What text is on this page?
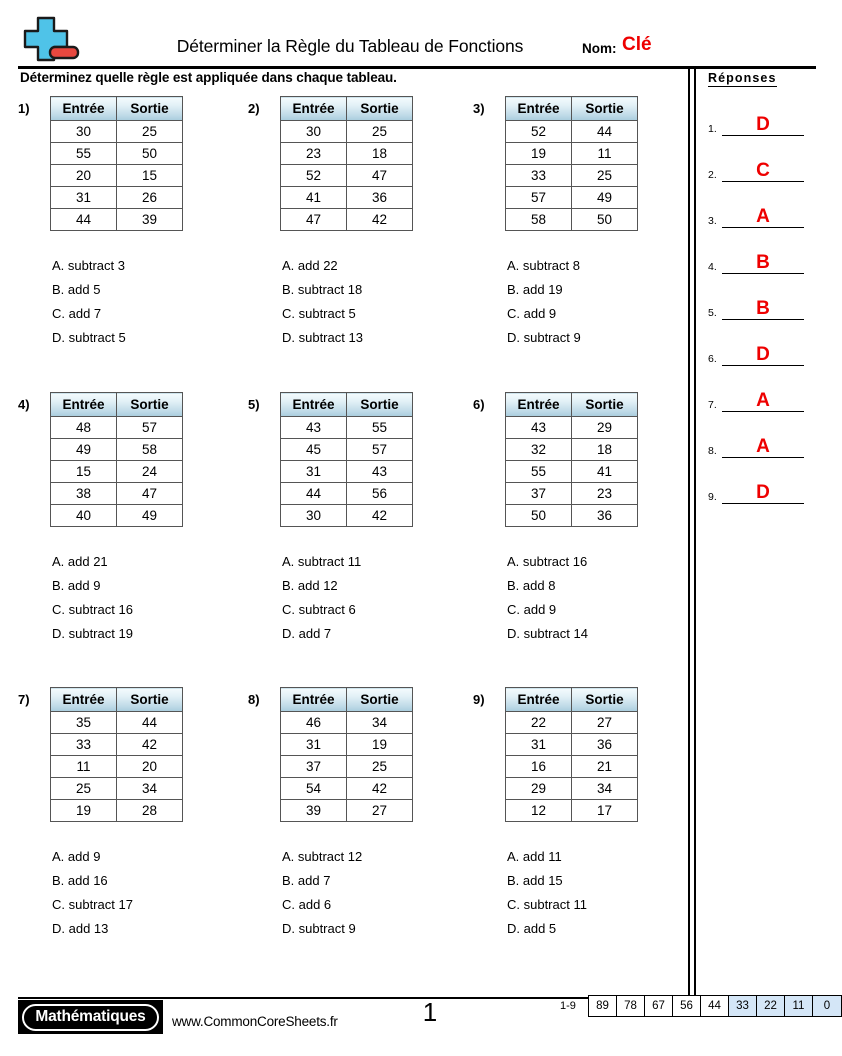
Déterminer la Règle du Tableau de Fonctions	Nom: Clé
Déterminez quelle règle est appliquée dans chaque tableau.	Réponses
1.	D
2.	C
3.	A
4.	B
5.	B
6.	D
7.	A
8.	A
9.	D
1) Entrée	Sortie
30	25
55	50
20	15
31	26
44	39
A. subtract 3
B. add 5
C. add 7
D. subtract 5
2) Entrée	Sortie
30	25
23	18
52	47
41	36
47	42
A. add 22
B. subtract 18
C. subtract 5
D. subtract 13
3) Entrée	Sortie
52	44
19	11
33	25
57	49
58	50
A. subtract 8
B. add 19
C. add 9
D. subtract 9
4) Entrée	Sortie
48	57
49	58
15	24
38	47
40	49
A. add 21
B. add 9
C. subtract 16
D. subtract 19
5) Entrée	Sortie
43	55
45	57
31	43
44	56
30	42
A. subtract 11
B. add 12
C. subtract 6
D. add 7
6) Entrée	Sortie
43	29
32	18
55	41
37	23
50	36
A. subtract 16
B. add 8
C. add 9
D. subtract 14
7) Entrée	Sortie
35	44
33	42
11	20
25	34
19	28
A. add 9
B. add 16
C. subtract 17
D. add 13
8) Entrée	Sortie
46	34
31	19
37	25
54	42
39	27
A. subtract 12
B. add 7
C. add 6
D. subtract 9
9) Entrée	Sortie
22	27
31	36
16	21
29	34
12	17
A. add 11
B. add 15
C. subtract 11
D. add 5
Mathématiques	www.CommonCoreSheets.fr	1	1-9	89	78	67	56	44	33	22	11	0
